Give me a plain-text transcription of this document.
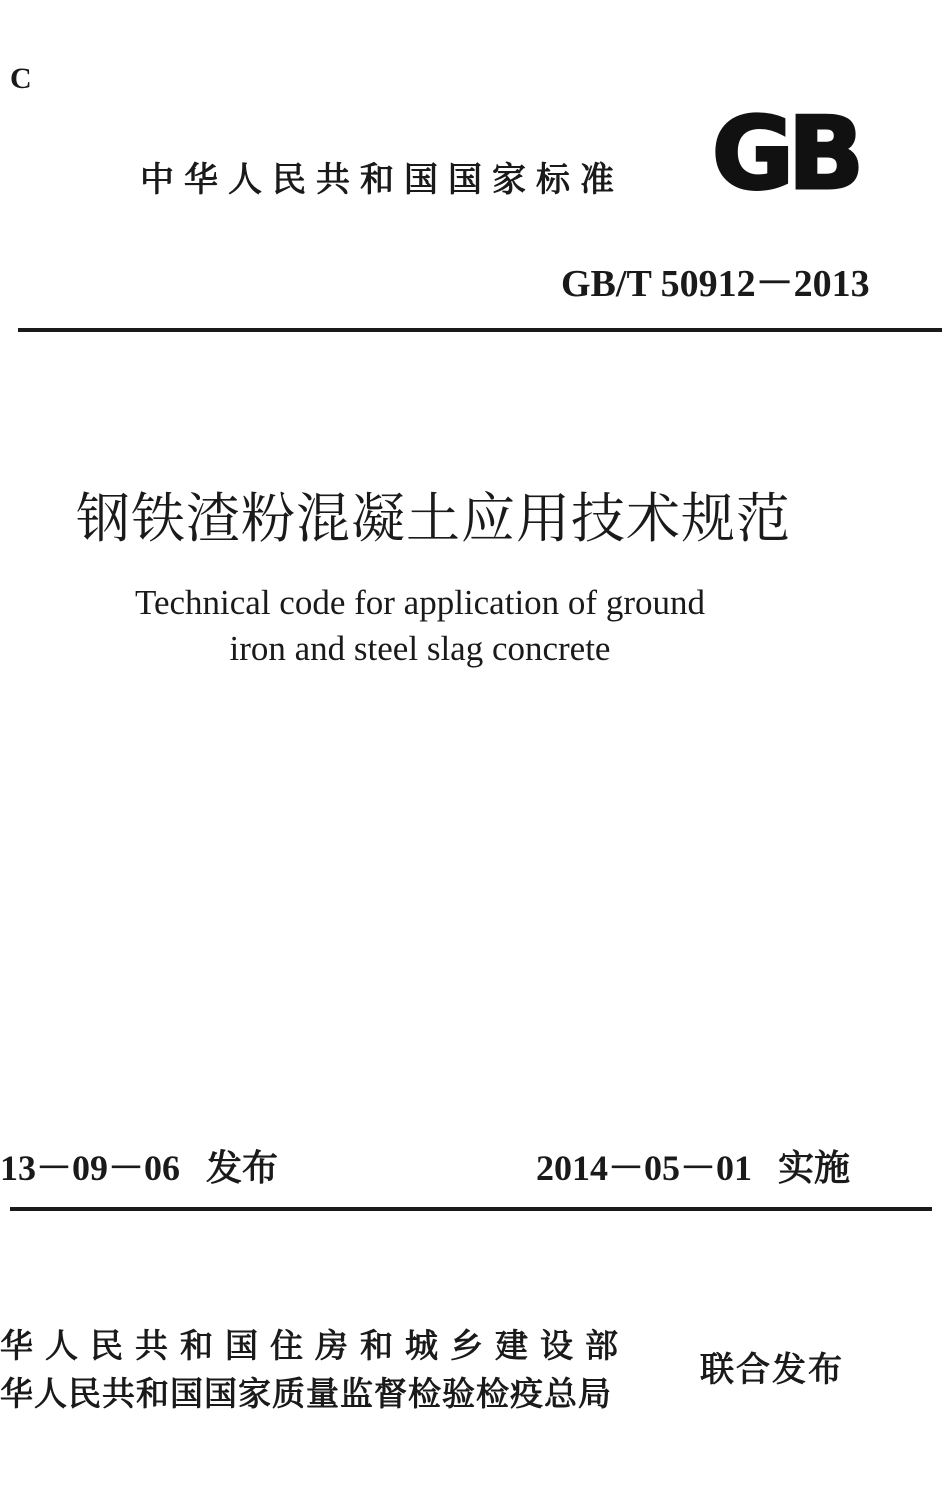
C
中华人民共和国国家标准 GB
GB/T 50912－2013
钢铁渣粉混凝土应用技术规范
Technical code for application of ground iron and steel slag concrete
13－09－06 发布	2014－05－01 实施
华人民共和国住房和城乡建设部
华人民共和国国家质量监督检验检疫总局
联合发布
